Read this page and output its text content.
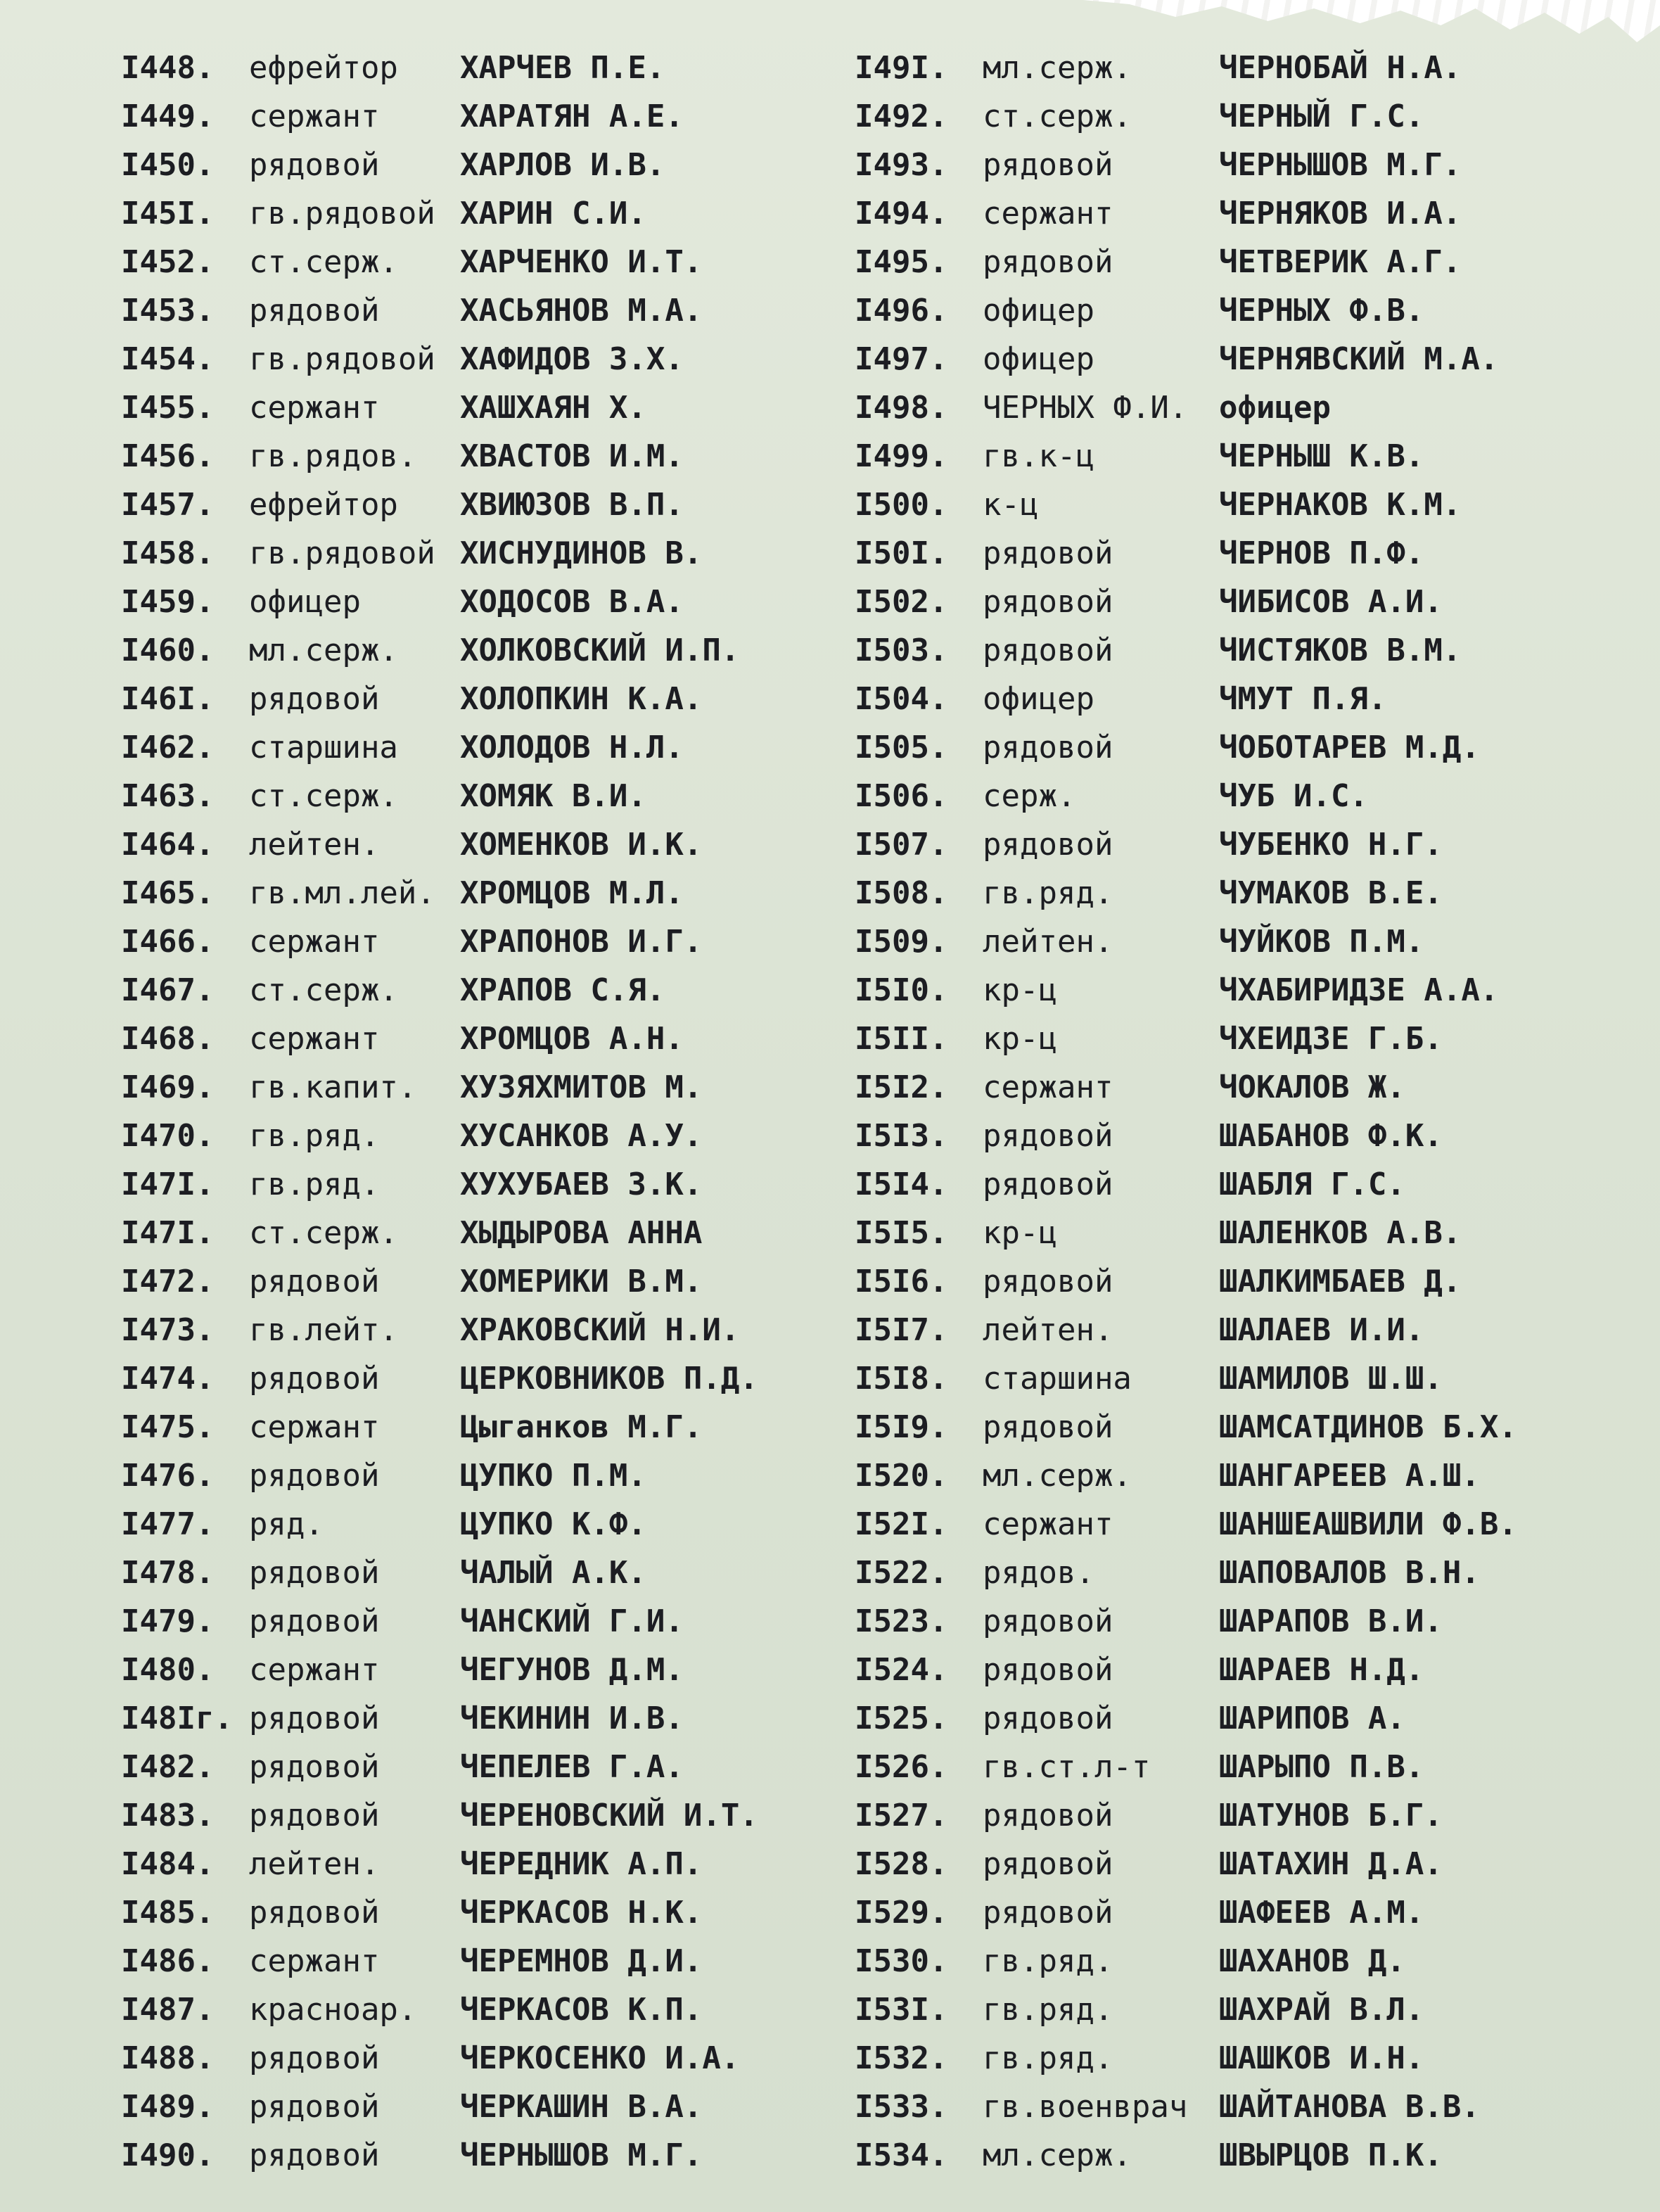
I448. ефрейтор ХАРЧЕВ П.Е.
I449. сержант	ХАРАТЯН А.Е.
I450. рядовой	ХАРЛОВ И.В.
I45I. гв.рядовой ХАРИН С.И.
I452. ст.серж. ХАРЧЕНКО И.Т.
I453. рядовой	ХАСЬЯНОВ М.А.
I454. гв.рядовой ХАФИДОВ З.Х.
I455. сержант	ХАШХАЯН Х.
I456. гв.рядов. ХВАСТОВ И.М.
I457. ефрейтор ХВИЮЗОВ В.П.
I458. гв.рядовой ХИСНУДИНОВ В.
I459. офицер	ХОДОСОВ В.А.
I460. мл.серж. ХОЛКОВСКИЙ И.П.
I46I. рядовой	ХОЛОПКИН К.А.
I462. старшина ХОЛОДОВ Н.Л.
I463. ст.серж. ХОМЯК В.И.
I464. лейтен.	ХОМЕНКОВ И.К.
I465. гв.мл.лей. ХРОМЦОВ М.Л.
I466. сержант	ХРАПОНОВ И.Г.
I467. ст.серж. ХРАПОВ С.Я.
I468. сержант	ХРОМЦОВ А.Н.
I469. гв.капит. ХУЗЯХМИТОВ М.
I470. гв.ряд.	ХУСАНКОВ А.У.
I47I. гв.ряд.	ХУХУБАЕВ З.К.
I47I. ст.серж. ХЫДЫРОВА АННА
I472. рядовой	ХОМЕРИКИ В.М.
I473. гв.лейт. ХРАКОВСКИЙ Н.И.
I474. рядовой	ЦЕРКОВНИКОВ П.Д.
I475. сержант	Цыганков М.Г.
I476. рядовой	ЦУПКО П.М.
I477. ряд.	ЦУПКО К.Ф.
I478. рядовой	ЧАЛЫЙ А.К.
I479. рядовой	ЧАНСКИЙ Г.И.
I480. сержант	ЧЕГУНОВ Д.М.
I48Iг. рядовой	ЧЕКИНИН И.В.
I482. рядовой	ЧЕПЕЛЕВ Г.А.
I483. рядовой	ЧЕРЕНОВСКИЙ И.Т.
I484. лейтен.	ЧЕРЕДНИК А.П.
I485. рядовой	ЧЕРКАСОВ Н.К.
I486. сержант	ЧЕРЕМНОВ Д.И.
I487. красноар. ЧЕРКАСОВ К.П.
I488. рядовой	ЧЕРКОСЕНКО И.А.
I489. рядовой	ЧЕРКАШИН В.А.
I490. рядовой	ЧЕРНЫШОВ М.Г.
I49I. мл.серж.	ЧЕРНОБАЙ Н.А.
I492. ст.серж.	ЧЕРНЫЙ Г.С.
I493. рядовой	ЧЕРНЫШОВ М.Г.
I494. сержант	ЧЕРНЯКОВ И.А.
I495. рядовой	ЧЕТВЕРИК А.Г.
I496. офицер	ЧЕРНЫХ Ф.В.
I497. офицер	ЧЕРНЯВСКИЙ М.А.
I498. ЧЕРНЫХ Ф.И. офицер
I499. гв.к-ц	ЧЕРНЫШ К.В.
I500. к-ц	ЧЕРНАКОВ К.М.
I50I. рядовой	ЧЕРНОВ П.Ф.
I502. рядовой	ЧИБИСОВ А.И.
I503. рядовой	ЧИСТЯКОВ В.М.
I504. офицер	ЧМУТ П.Я.
I505. рядовой	ЧОБОТАРЕВ М.Д.
I506. серж.	ЧУБ И.С.
I507. рядовой	ЧУБЕНКО Н.Г.
I508. гв.ряд.	ЧУМАКОВ В.Е.
I509. лейтен.	ЧУЙКОВ П.М.
I5I0. кр-ц	ЧХАБИРИДЗЕ А.А.
I5II. кр-ц	ЧХЕИДЗЕ Г.Б.
I5I2. сержант	ЧОКАЛОВ Ж.
I5I3. рядовой	ШАБАНОВ Ф.К.
I5I4. рядовой	ШАБЛЯ Г.С.
I5I5. кр-ц	ШАЛЕНКОВ А.В.
I5I6. рядовой	ШАЛКИМБАЕВ Д.
I5I7. лейтен.	ШАЛАЕВ И.И.
I5I8. старшина	ШАМИЛОВ Ш.Ш.
I5I9. рядовой	ШАМСАТДИНОВ Б.Х.
I520. мл.серж.	ШАНГАРЕЕВ А.Ш.
I52I. сержант	ШАНШЕАШВИЛИ Ф.В.
I522. рядов.	ШАПОВАЛОВ В.Н.
I523. рядовой	ШАРАПОВ В.И.
I524. рядовой	ШАРАЕВ Н.Д.
I525. рядовой	ШАРИПОВ А.
I526. гв.ст.л-т ШАРЫПО П.В.
I527. рядовой	ШАТУНОВ Б.Г.
I528. рядовой	ШАТАХИН Д.А.
I529. рядовой	ШАФЕЕВ А.М.
I530. гв.ряд.	ШАХАНОВ Д.
I53I. гв.ряд.	ШАХРАЙ В.Л.
I532. гв.ряд.	ШАШКОВ И.Н.
I533. гв.военврач ШАЙТАНОВА В.В.
I534. мл.серж.	ШВЫРЦОВ П.К.
